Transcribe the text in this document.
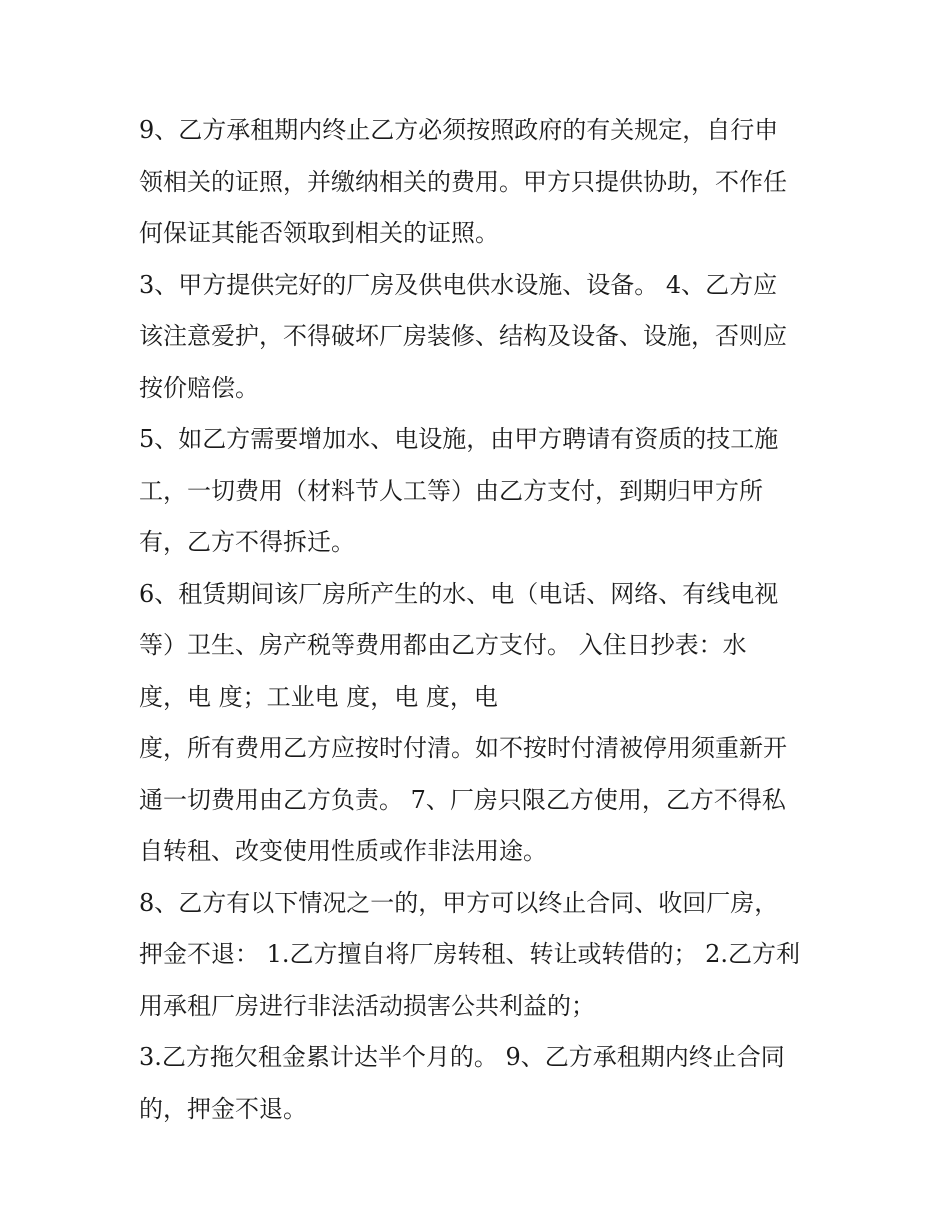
9、乙方承租期内终止乙方必须按照政府的有关规定，自行申
领相关的证照，并缴纳相关的费用。甲方只提供协助，不作任
何保证其能否领取到相关的证照。
3、甲方提供完好的厂房及供电供水设施、设备。 4、乙方应
该注意爱护，不得破坏厂房装修、结构及设备、设施，否则应
按价赔偿。
5、如乙方需要增加水、电设施，由甲方聘请有资质的技工施
工，一切费用（材料节人工等）由乙方支付，到期归甲方所
有，乙方不得拆迁。
6、租赁期间该厂房所产生的水、电（电话、网络、有线电视
等）卫生、房产税等费用都由乙方支付。 入住日抄表：水
度，电 度；工业电 度，电 度，电
度，所有费用乙方应按时付清。如不按时付清被停用须重新开
通一切费用由乙方负责。 7、厂房只限乙方使用，乙方不得私
自转租、改变使用性质或作非法用途。
8、乙方有以下情况之一的，甲方可以终止合同、收回厂房，
押金不退： 1.乙方擅自将厂房转租、转让或转借的； 2.乙方利
用承租厂房进行非法活动损害公共利益的；
3.乙方拖欠租金累计达半个月的。 9、乙方承租期内终止合同
的，押金不退。
